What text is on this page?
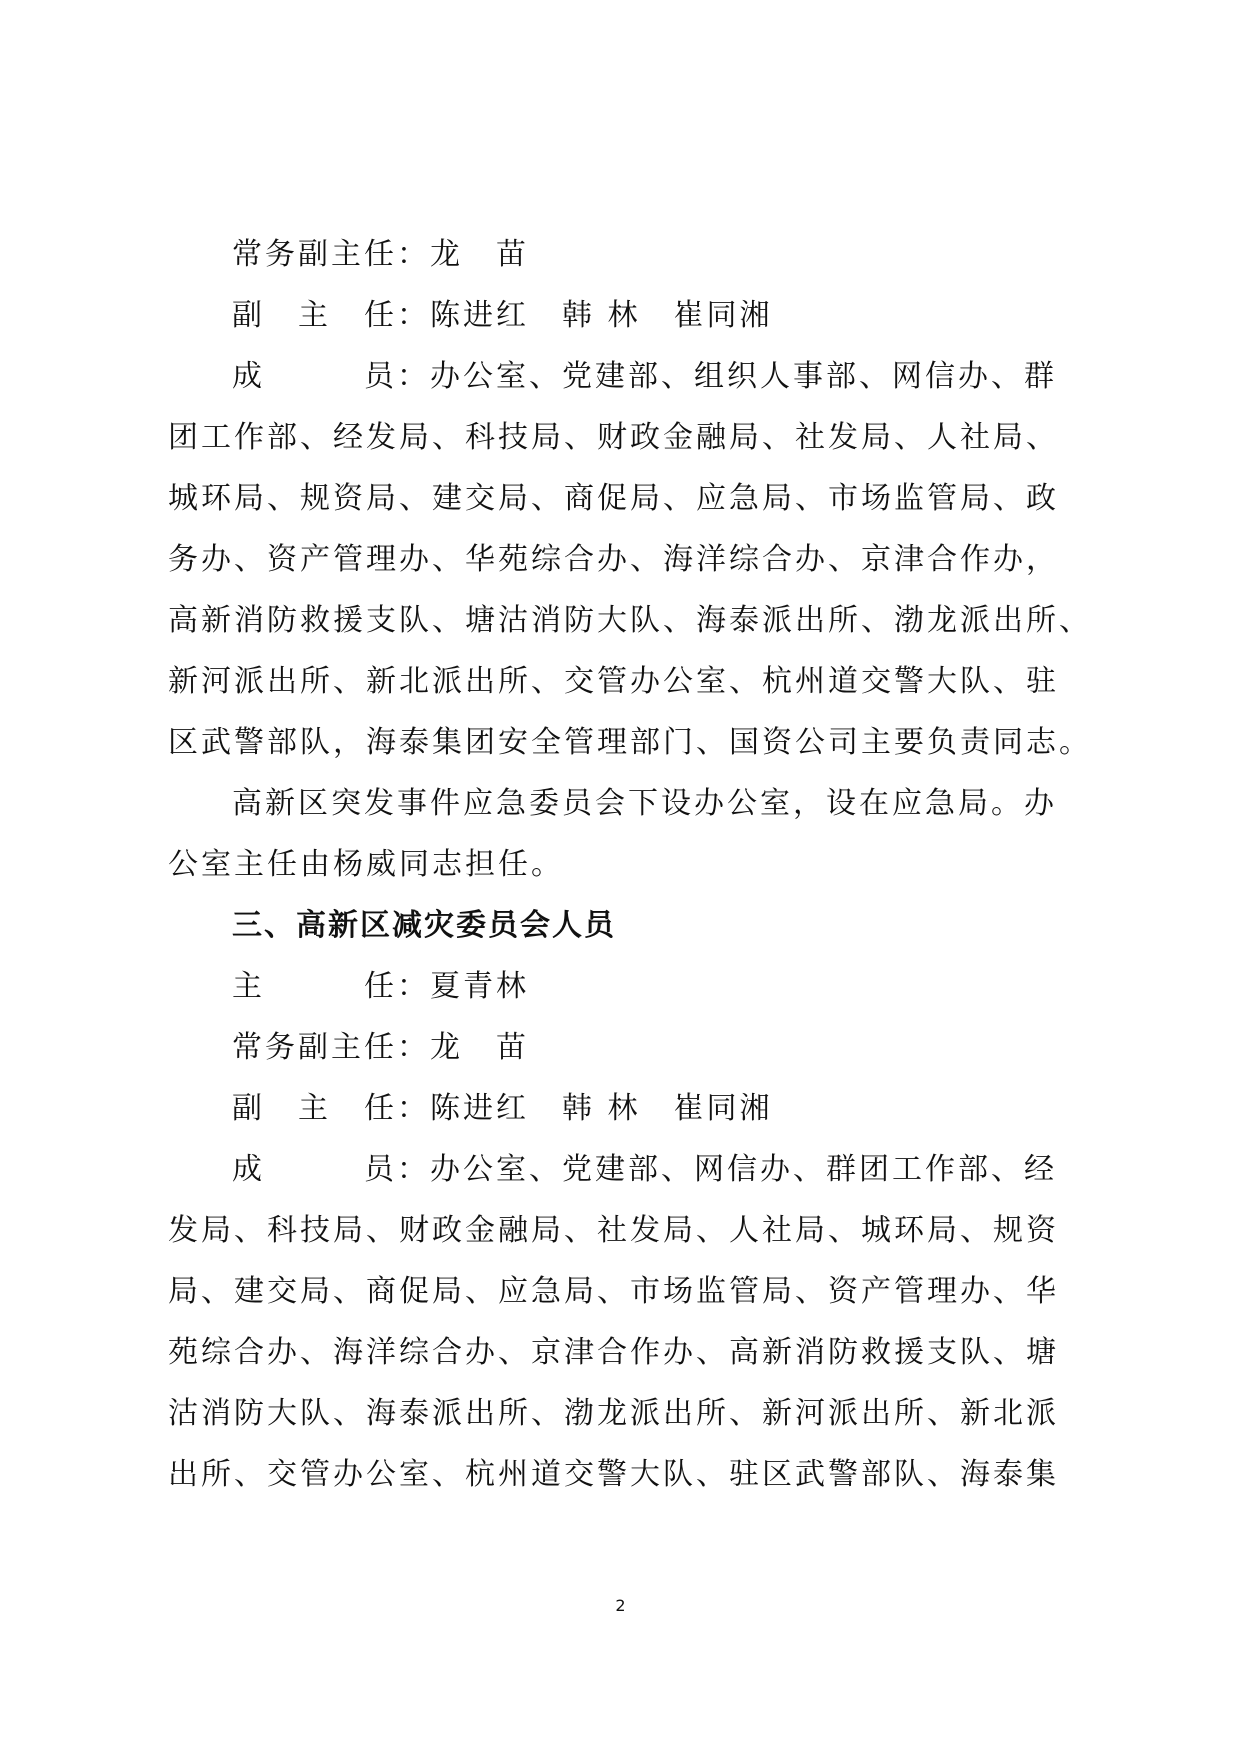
常务副主任：龙　苗
副　主　任：陈进红　韩 林　崔同湘
成　　　员：办公室、党建部、组织人事部、网信办、群
团工作部、经发局、科技局、财政金融局、社发局、人社局、
城环局、规资局、建交局、商促局、应急局、市场监管局、政
务办、资产管理办、华苑综合办、海洋综合办、京津合作办，
高新消防救援支队、塘沽消防大队、海泰派出所、渤龙派出所、
新河派出所、新北派出所、交管办公室、杭州道交警大队、驻
区武警部队，海泰集团安全管理部门、国资公司主要负责同志。
高新区突发事件应急委员会下设办公室，设在应急局。办
公室主任由杨威同志担任。
三、高新区减灾委员会人员
主　　　任：夏青林
常务副主任：龙　苗
副　主　任：陈进红　韩 林　崔同湘
成　　　员：办公室、党建部、网信办、群团工作部、经
发局、科技局、财政金融局、社发局、人社局、城环局、规资
局、建交局、商促局、应急局、市场监管局、资产管理办、华
苑综合办、海洋综合办、京津合作办、高新消防救援支队、塘
沽消防大队、海泰派出所、渤龙派出所、新河派出所、新北派
出所、交管办公室、杭州道交警大队、驻区武警部队、海泰集
2
